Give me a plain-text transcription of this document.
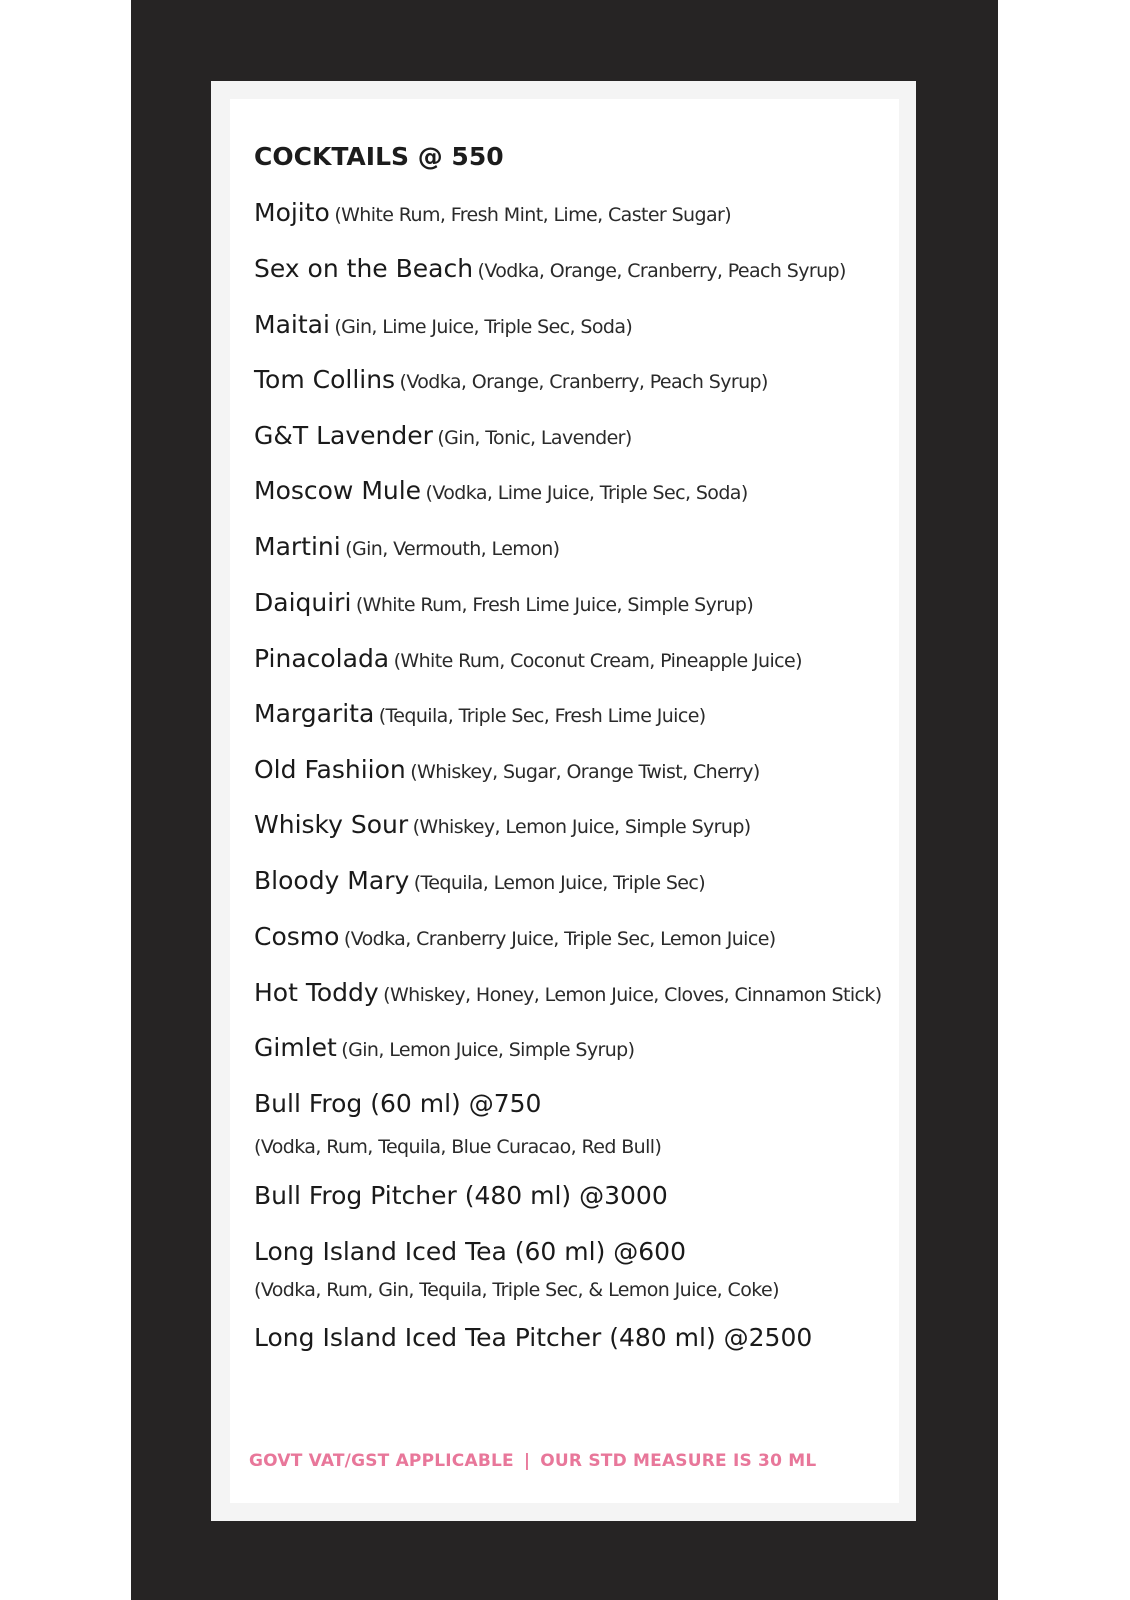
COCKTAILS @ 550
Mojito (White Rum, Fresh Mint, Lime, Caster Sugar)
Sex on the Beach (Vodka, Orange, Cranberry, Peach Syrup)
Maitai (Gin, Lime Juice, Triple Sec, Soda)
Tom Collins (Vodka, Orange, Cranberry, Peach Syrup)
G&T Lavender (Gin, Tonic, Lavender)
Moscow Mule (Vodka, Lime Juice, Triple Sec, Soda)
Martini (Gin, Vermouth, Lemon)
Daiquiri (White Rum, Fresh Lime Juice, Simple Syrup)
Pinacolada (White Rum, Coconut Cream, Pineapple Juice)
Margarita (Tequila, Triple Sec, Fresh Lime Juice)
Old Fashiion (Whiskey, Sugar, Orange Twist, Cherry)
Whisky Sour (Whiskey, Lemon Juice, Simple Syrup)
Bloody Mary (Tequila, Lemon Juice, Triple Sec)
Cosmo (Vodka, Cranberry Juice, Triple Sec, Lemon Juice)
Hot Toddy (Whiskey, Honey, Lemon Juice, Cloves, Cinnamon Stick)
Gimlet (Gin, Lemon Juice, Simple Syrup)
Bull Frog (60 ml) @750
(Vodka, Rum, Tequila, Blue Curacao, Red Bull)
Bull Frog Pitcher (480 ml) @3000
Long Island Iced Tea (60 ml) @600
(Vodka, Rum, Gin, Tequila, Triple Sec, & Lemon Juice, Coke)
Long Island Iced Tea Pitcher (480 ml) @2500
GOVT VAT/GST APPLICABLE | OUR STD MEASURE IS 30 ML
